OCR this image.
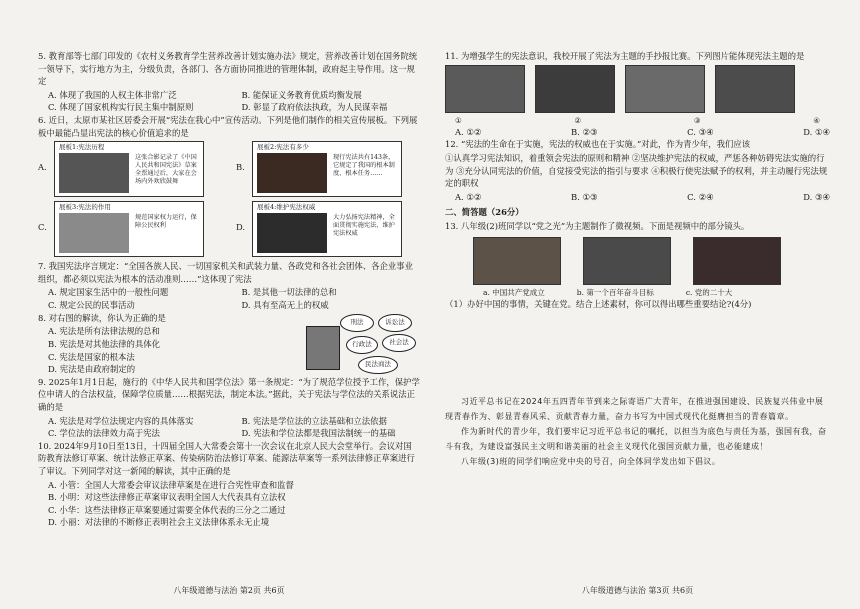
5. 教育部等七部门印发的《农村义务教育学生营养改善计划实施办法》规定，营养改善计划在国务院统一领导下，实行地方为主，分级负责，各部门、各方面协同推进的管理体制，政府起主导作用。这一规定
A. 体现了我国的人权主体非常广泛	B. 能保证义务教育优质均衡发展
C. 体现了国家机构实行民主集中制原则	D. 彰显了政府依法执政，为人民谋幸福
6. 近日，太原市某社区居委会开展“宪法在我心中”宣传活动。下列是他们制作的相关宣传展板。下列展板中最能凸显出宪法的核心价值追求的是
A.
展板1:宪法历程
这张合影记录了《中国人民共和国宪法》草案全票通过后，大家在会场内外欢欣鼓舞
B.
展板2:宪法有多少
现行宪法共有143条，它规定了我国的根本制度、根本任务……
C.
展板3:宪法的作用
规范国家权力运行，保障公民权利	D.
展板4:维护宪法权威
大力弘扬宪法精神，全面贯彻实施宪法，维护宪法权威
7. 我国宪法序言规定：“全国各族人民、一切国家机关和武装力量、各政党和各社会团体、各企业事业组织，都必须以宪法为根本的活动准则……”这体现了宪法
A. 规定国家生活中的一般性问题	B. 是其他一切法律的总和
C. 规定公民的民事活动	D. 具有至高无上的权威
8. 对右图的解读，你认为正确的是
A. 宪法是所有法律法规的总和
B. 宪法是对其他法律的具体化
C. 宪法是国家的根本法
D. 宪法是由政府制定的
刑法
行政法	社会法
诉讼法
民法商法
9. 2025年1月1日起，施行的《中华人民共和国学位法》第一条规定：“为了规范学位授予工作，保护学位申请人的合法权益，保障学位质量……根据宪法，制定本法。”据此，关于宪法与学位法的关系说法正确的是
A. 宪法是对学位法规定内容的具体落实	B. 宪法是学位法的立法基础和立法依据
C. 学位法的法律效力高于宪法	D. 宪法和学位法都是我国法制统一的基础
10. 2024年9月10日至13日，十四届全国人大常委会第十一次会议在北京人民大会堂举行。会议对国防教育法修订草案、统计法修正草案、传染病防治法修订草案、能源法草案等一系列法律修正草案进行了审议。下列同学对这一新闻的解读，其中正确的是
A. 小管：全国人大常委会审议法律草案是在进行合宪性审查和监督
B. 小明：对这些法律修正草案审议表明全国人大代表具有立法权
C. 小华：这些法律修正草案要通过需要全体代表的三分之二通过
D. 小丽：对法律的不断修正表明社会主义法律体系永无止境
八年级道德与法治 第2页 共6页
11. 为增强学生的宪法意识，我校开展了宪法为主题的手抄报比赛。下列图片能体现宪法主题的是
①	②	③	④
A. ①②	B. ②③	C. ③④	D. ①④
12. “宪法的生命在于实施，宪法的权威也在于实施。”对此，作为青少年，我们应该
①认真学习宪法知识，着重领会宪法的原则和精神 ②坚决维护宪法的权威，严惩各种妨碍宪法实施的行为 ③充分认同宪法的价值，自觉接受宪法的指引与要求 ④积极行使宪法赋予的权利，并主动履行宪法规定的职权
A. ①②	B. ①③	C. ②④	D. ③④
二、简答题（26分）
13. 八年级(2)班同学以“党之光”为主题制作了微视频。下面是视频中的部分镜头。
a. 中国共产党成立	b. 第一个百年奋斗目标	c. 党的二十大
（1）办好中国的事情，关键在党。结合上述素材，你可以得出哪些重要结论?(4分)
习近平总书记在2024年五四青年节到来之际寄语广大青年，在推进强国建设、民族复兴伟业中展现青春作为、彰显青春风采、贡献青春力量，奋力书写为中国式现代化挺膺担当的青春篇章。
作为新时代的青少年，我们要牢记习近平总书记的嘱托，以担当为底色与责任为基，强国有我，奋斗有我，为建设富强民主文明和谐美丽的社会主义现代化强国贡献力量，也必能建成！
八年级(3)班的同学们响应党中央的号召，向全体同学发出如下倡议。
八年级道德与法治 第3页 共6页
